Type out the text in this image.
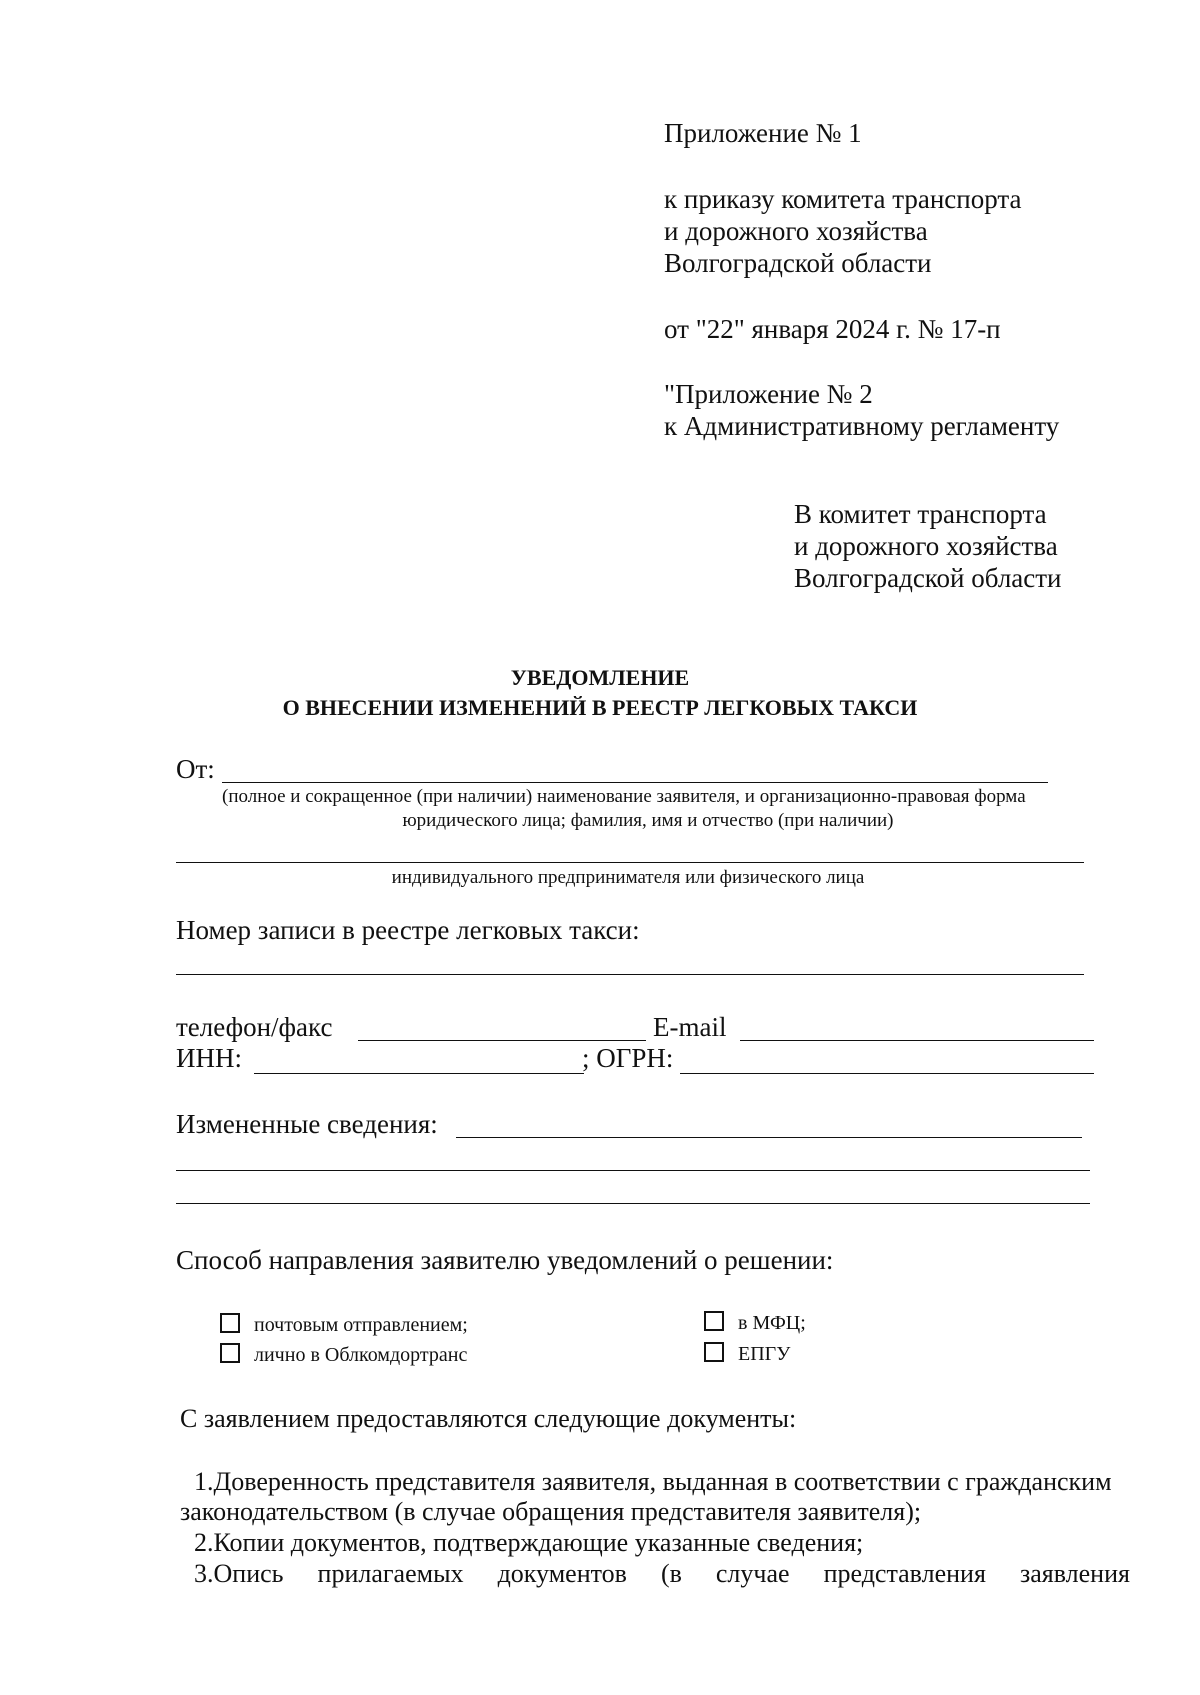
Приложение № 1
к приказу комитета транспорта
и дорожного хозяйства
Волгоградской области
от "22" января 2024 г. № 17-п
"Приложение № 2
к Административному регламенту
В комитет транспорта
и дорожного хозяйства
Волгоградской области
УВЕДОМЛЕНИЕ
О ВНЕСЕНИИ ИЗМЕНЕНИЙ В РЕЕСТР ЛЕГКОВЫХ ТАКСИ
От:
(полное и сокращенное (при наличии) наименование заявителя, и организационно-правовая форма
юридического лица; фамилия, имя и отчество (при наличии)
индивидуального предпринимателя или физического лица
Номер записи в реестре легковых такси:
телефон/факс	E-mail
ИНН:	; ОГРН:
Измененные сведения:
Способ направления заявителю уведомлений о решении:
почтовым отправлением;
лично в Облкомдортранс
в МФЦ;
ЕПГУ
С заявлением предоставляются следующие документы:
1.Доверенность представителя заявителя, выданная в соответствии с гражданским
законодательством (в случае обращения представителя заявителя);
2.Копии документов, подтверждающие указанные сведения;
3.Опись прилагаемых документов (в случае представления заявления
